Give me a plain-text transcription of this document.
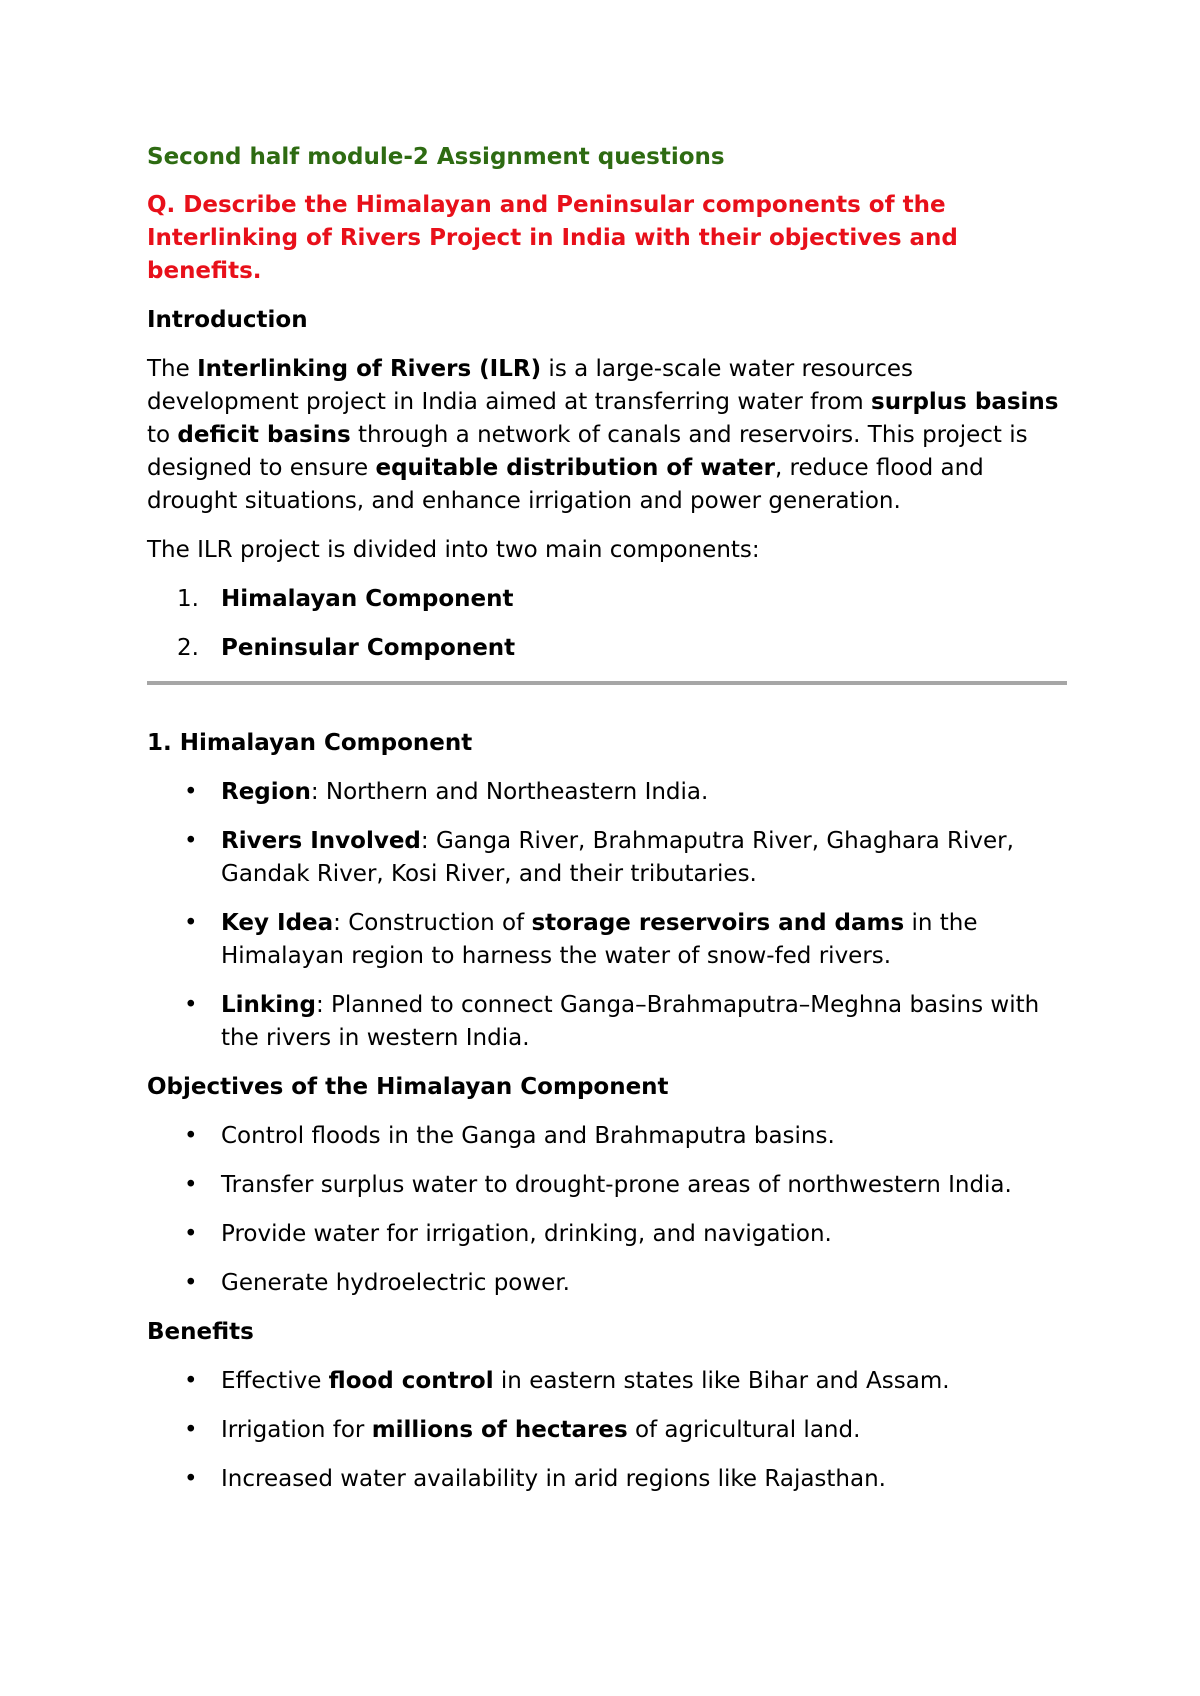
Second half module-2 Assignment questions

Q. Describe the Himalayan and Peninsular components of the Interlinking of Rivers Project in India with their objectives and benefits.

Introduction

The Interlinking of Rivers (ILR) is a large-scale water resources development project in India aimed at transferring water from surplus basins to deficit basins through a network of canals and reservoirs. This project is designed to ensure equitable distribution of water, reduce flood and drought situations, and enhance irrigation and power generation.

The ILR project is divided into two main components:

1. Himalayan Component
2. Peninsular Component

1. Himalayan Component

• Region: Northern and Northeastern India.
• Rivers Involved: Ganga River, Brahmaputra River, Ghaghara River, Gandak River, Kosi River, and their tributaries.
• Key Idea: Construction of storage reservoirs and dams in the Himalayan region to harness the water of snow-fed rivers.
• Linking: Planned to connect Ganga–Brahmaputra–Meghna basins with the rivers in western India.

Objectives of the Himalayan Component

• Control floods in the Ganga and Brahmaputra basins.
• Transfer surplus water to drought-prone areas of northwestern India.
• Provide water for irrigation, drinking, and navigation.
• Generate hydroelectric power.

Benefits

• Effective flood control in eastern states like Bihar and Assam.
• Irrigation for millions of hectares of agricultural land.
• Increased water availability in arid regions like Rajasthan.
